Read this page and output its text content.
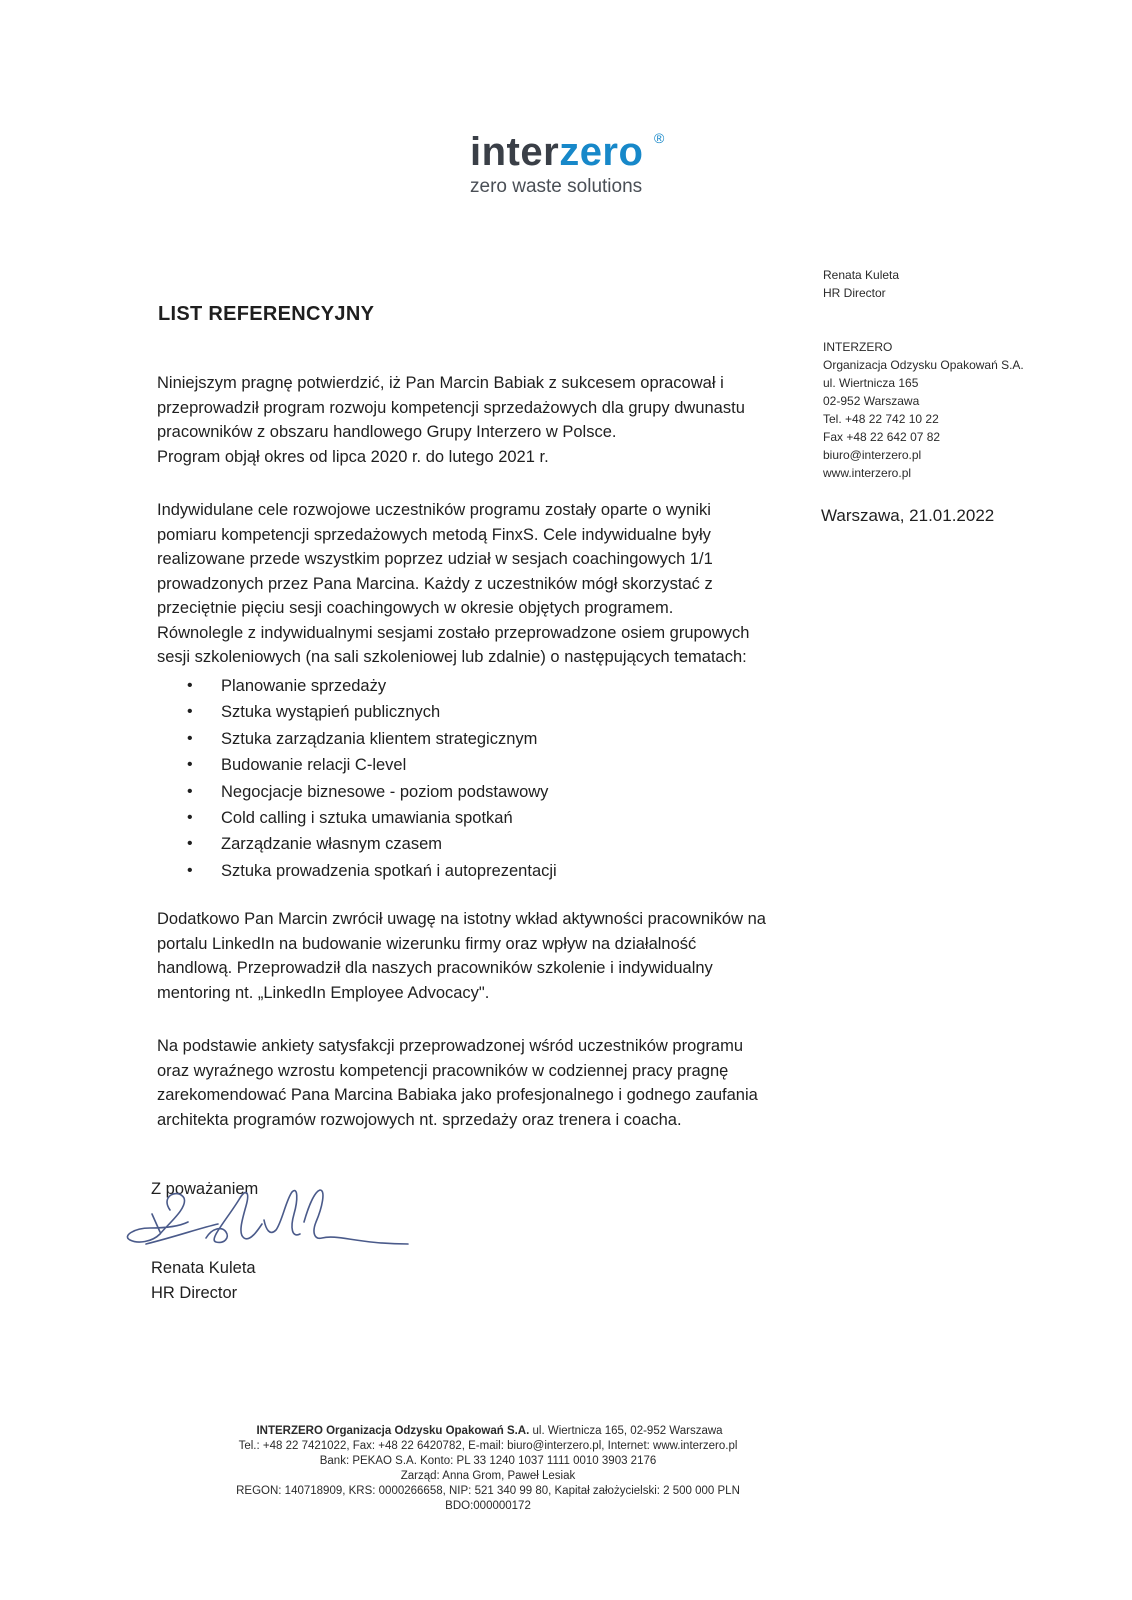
interzero ®
zero waste solutions
Renata Kuleta
HR Director
INTERZERO
Organizacja Odzysku Opakowań S.A.
ul. Wiertnicza 165
02-952 Warszawa
Tel. +48 22 742 10 22
Fax +48 22 642 07 82
biuro@interzero.pl
www.interzero.pl
Warszawa, 21.01.2022
LIST REFERENCYJNY
Niniejszym pragnę potwierdzić, iż Pan Marcin Babiak z sukcesem opracował i
przeprowadził program rozwoju kompetencji sprzedażowych dla grupy dwunastu
pracowników z obszaru handlowego Grupy Interzero w Polsce.
Program objął okres od lipca 2020 r. do lutego 2021 r.
Indywidulane cele rozwojowe uczestników programu zostały oparte o wyniki
pomiaru kompetencji sprzedażowych metodą FinxS. Cele indywidualne były
realizowane przede wszystkim poprzez udział w sesjach coachingowych 1/1
prowadzonych przez Pana Marcina. Każdy z uczestników mógł skorzystać z
przeciętnie pięciu sesji coachingowych w okresie objętych programem.
Równolegle z indywidualnymi sesjami zostało przeprowadzone osiem grupowych
sesji szkoleniowych (na sali szkoleniowej lub zdalnie) o następujących tematach:
• Planowanie sprzedaży
• Sztuka wystąpień publicznych
• Sztuka zarządzania klientem strategicznym
• Budowanie relacji C-level
• Negocjacje biznesowe - poziom podstawowy
• Cold calling i sztuka umawiania spotkań
• Zarządzanie własnym czasem
• Sztuka prowadzenia spotkań i autoprezentacji
Dodatkowo Pan Marcin zwrócił uwagę na istotny wkład aktywności pracowników na
portalu LinkedIn na budowanie wizerunku firmy oraz wpływ na działalność
handlową. Przeprowadził dla naszych pracowników szkolenie i indywidualny
mentoring nt. „LinkedIn Employee Advocacy".
Na podstawie ankiety satysfakcji przeprowadzonej wśród uczestników programu
oraz wyraźnego wzrostu kompetencji pracowników w codziennej pracy pragnę
zarekomendować Pana Marcina Babiaka jako profesjonalnego i godnego zaufania
architekta programów rozwojowych nt. sprzedaży oraz trenera i coacha.
Z poważaniem
Renata Kuleta
HR Director
INTERZERO Organizacja Odzysku Opakowań S.A. ul. Wiertnicza 165, 02-952 Warszawa
Tel.: +48 22 7421022, Fax: +48 22 6420782, E-mail: biuro@interzero.pl, Internet: www.interzero.pl
Bank: PEKAO S.A. Konto: PL 33 1240 1037 1111 0010 3903 2176
Zarząd: Anna Grom, Paweł Lesiak
REGON: 140718909, KRS: 0000266658, NIP: 521 340 99 80, Kapitał założycielski: 2 500 000 PLN
BDO:000000172
